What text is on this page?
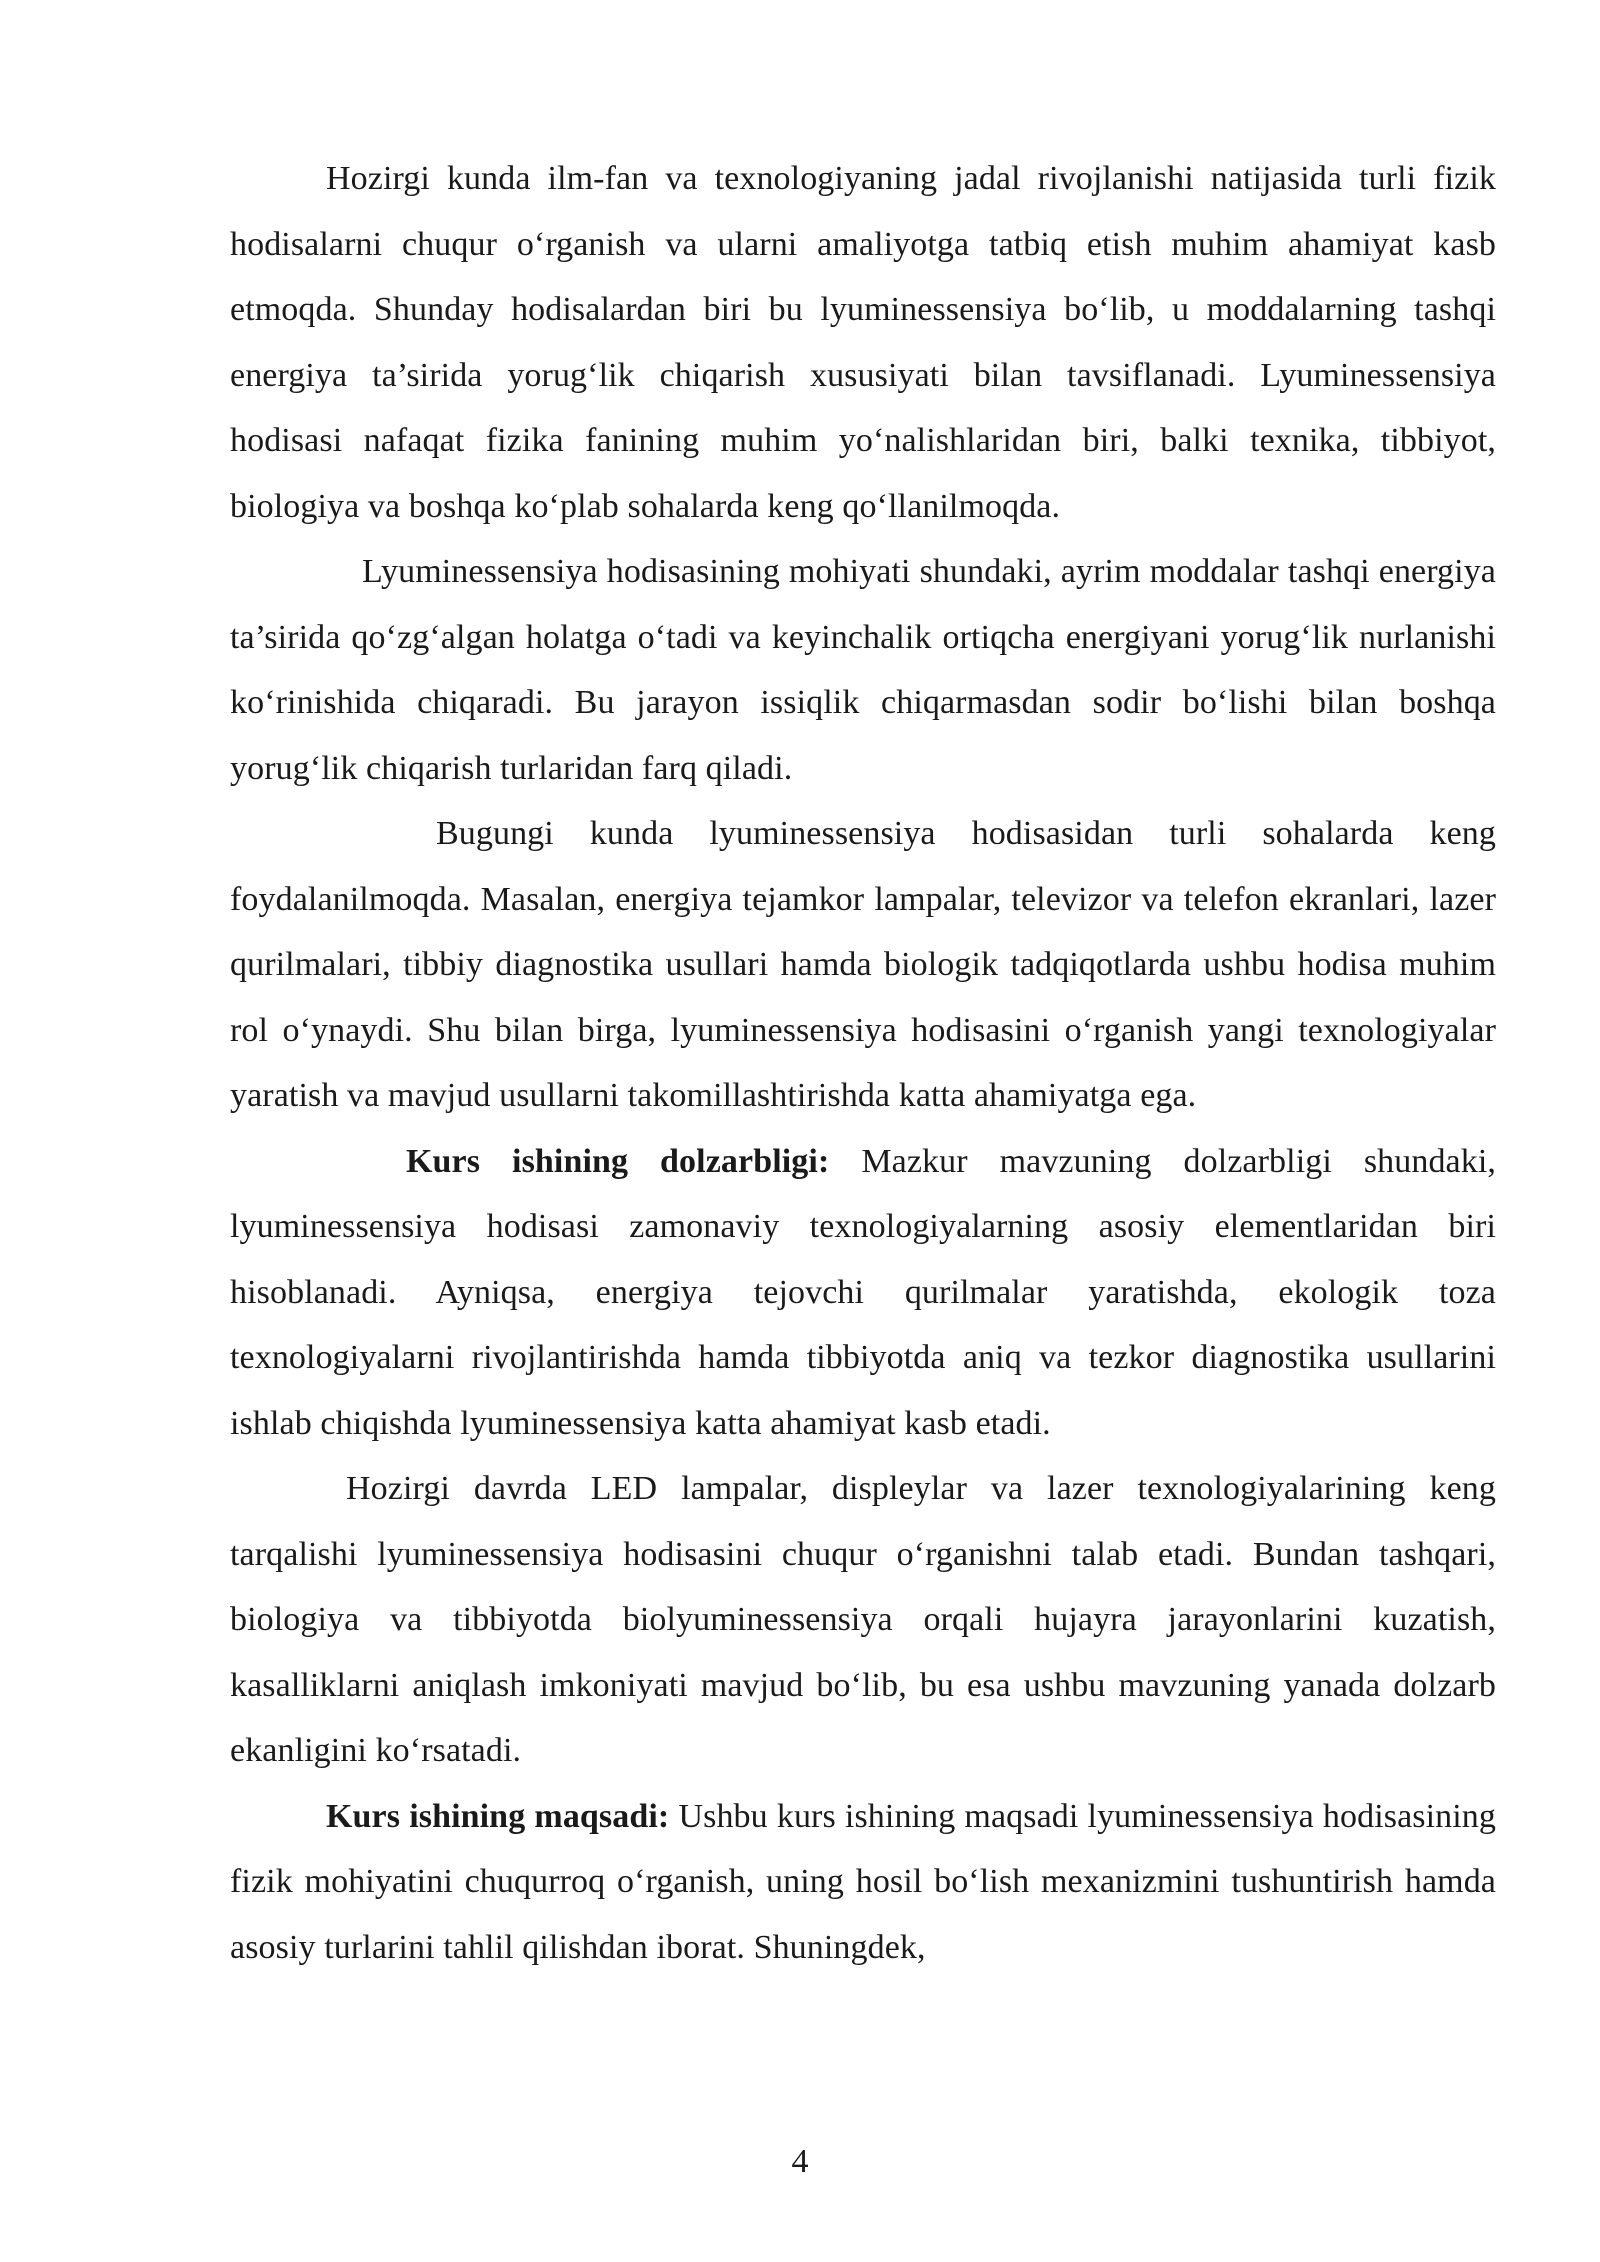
Hozirgi kunda ilm-fan va texnologiyaning jadal rivojlanishi natijasida turli fizik hodisalarni chuqur o‘rganish va ularni amaliyotga tatbiq etish muhim ahamiyat kasb etmoqda. Shunday hodisalardan biri bu lyuminessensiya bo‘lib, u moddalarning tashqi energiya ta’sirida yorug‘lik chiqarish xususiyati bilan tavsiflanadi. Lyuminessensiya hodisasi nafaqat fizika fanining muhim yo‘nalishlaridan biri, balki texnika, tibbiyot, biologiya va boshqa ko‘plab sohalarda keng qo‘llanilmoqda.

Lyuminessensiya hodisasining mohiyati shundaki, ayrim moddalar tashqi energiya ta’sirida qo‘zg‘algan holatga o‘tadi va keyinchalik ortiqcha energiyani yorug‘lik nurlanishi ko‘rinishida chiqaradi. Bu jarayon issiqlik chiqarmasdan sodir bo‘lishi bilan boshqa yorug‘lik chiqarish turlaridan farq qiladi.

Bugungi kunda lyuminessensiya hodisasidan turli sohalarda keng foydalanilmoqda. Masalan, energiya tejamkor lampalar, televizor va telefon ekranlari, lazer qurilmalari, tibbiy diagnostika usullari hamda biologik tadqiqotlarda ushbu hodisa muhim rol o‘ynaydi. Shu bilan birga, lyuminessensiya hodisasini o‘rganish yangi texnologiyalar yaratish va mavjud usullarni takomillashtirishda katta ahamiyatga ega.

Kurs ishining dolzarbligi: Mazkur mavzuning dolzarbligi shundaki, lyuminessensiya hodisasi zamonaviy texnologiyalarning asosiy elementlaridan biri hisoblanadi. Ayniqsa, energiya tejovchi qurilmalar yaratishda, ekologik toza texnologiyalarni rivojlantirishda hamda tibbiyotda aniq va tezkor diagnostika usullarini ishlab chiqishda lyuminessensiya katta ahamiyat kasb etadi.

Hozirgi davrda LED lampalar, displeylar va lazer texnologiyalarining keng tarqalishi lyuminessensiya hodisasini chuqur o‘rganishni talab etadi. Bundan tashqari, biologiya va tibbiyotda biolyuminessensiya orqali hujayra jarayonlarini kuzatish, kasalliklarni aniqlash imkoniyati mavjud bo‘lib, bu esa ushbu mavzuning yanada dolzarb ekanligini ko‘rsatadi.

Kurs ishining maqsadi: Ushbu kurs ishining maqsadi lyuminessensiya hodisasining fizik mohiyatini chuqurroq o‘rganish, uning hosil bo‘lish mexanizmini tushuntirish hamda asosiy turlarini tahlil qilishdan iborat. Shuningdek,

4
